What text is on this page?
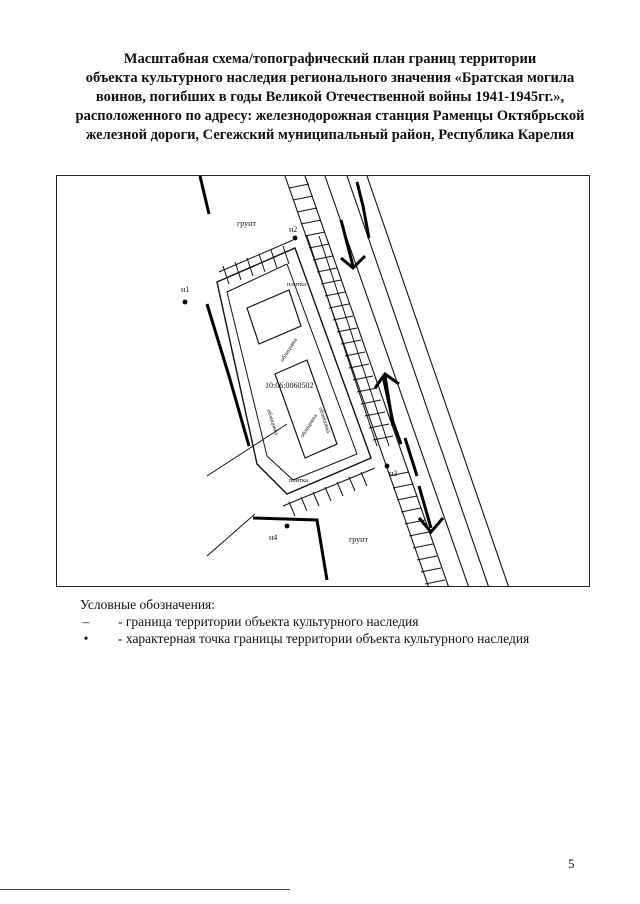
Масштабная схема/топографический план границ территории
объекта культурного наследия регионального значения «Братская могила
воинов, погибших в годы Великой Отечественной войны 1941-1945гг.»,
расположенного по адресу: железнодорожная станция Раменцы Октябрьской
железной дороги, Сегежский муниципальный район, Республика Карелия
грунт
грунт
н1
н2
н3
н4
плитка
плитка
10:06:0060502
облицовка
облицовка	облицовка
облицовка
Условные обозначения:
– - граница территории объекта культурного наследия
• - характерная точка границы территории объекта культурного наследия
5
